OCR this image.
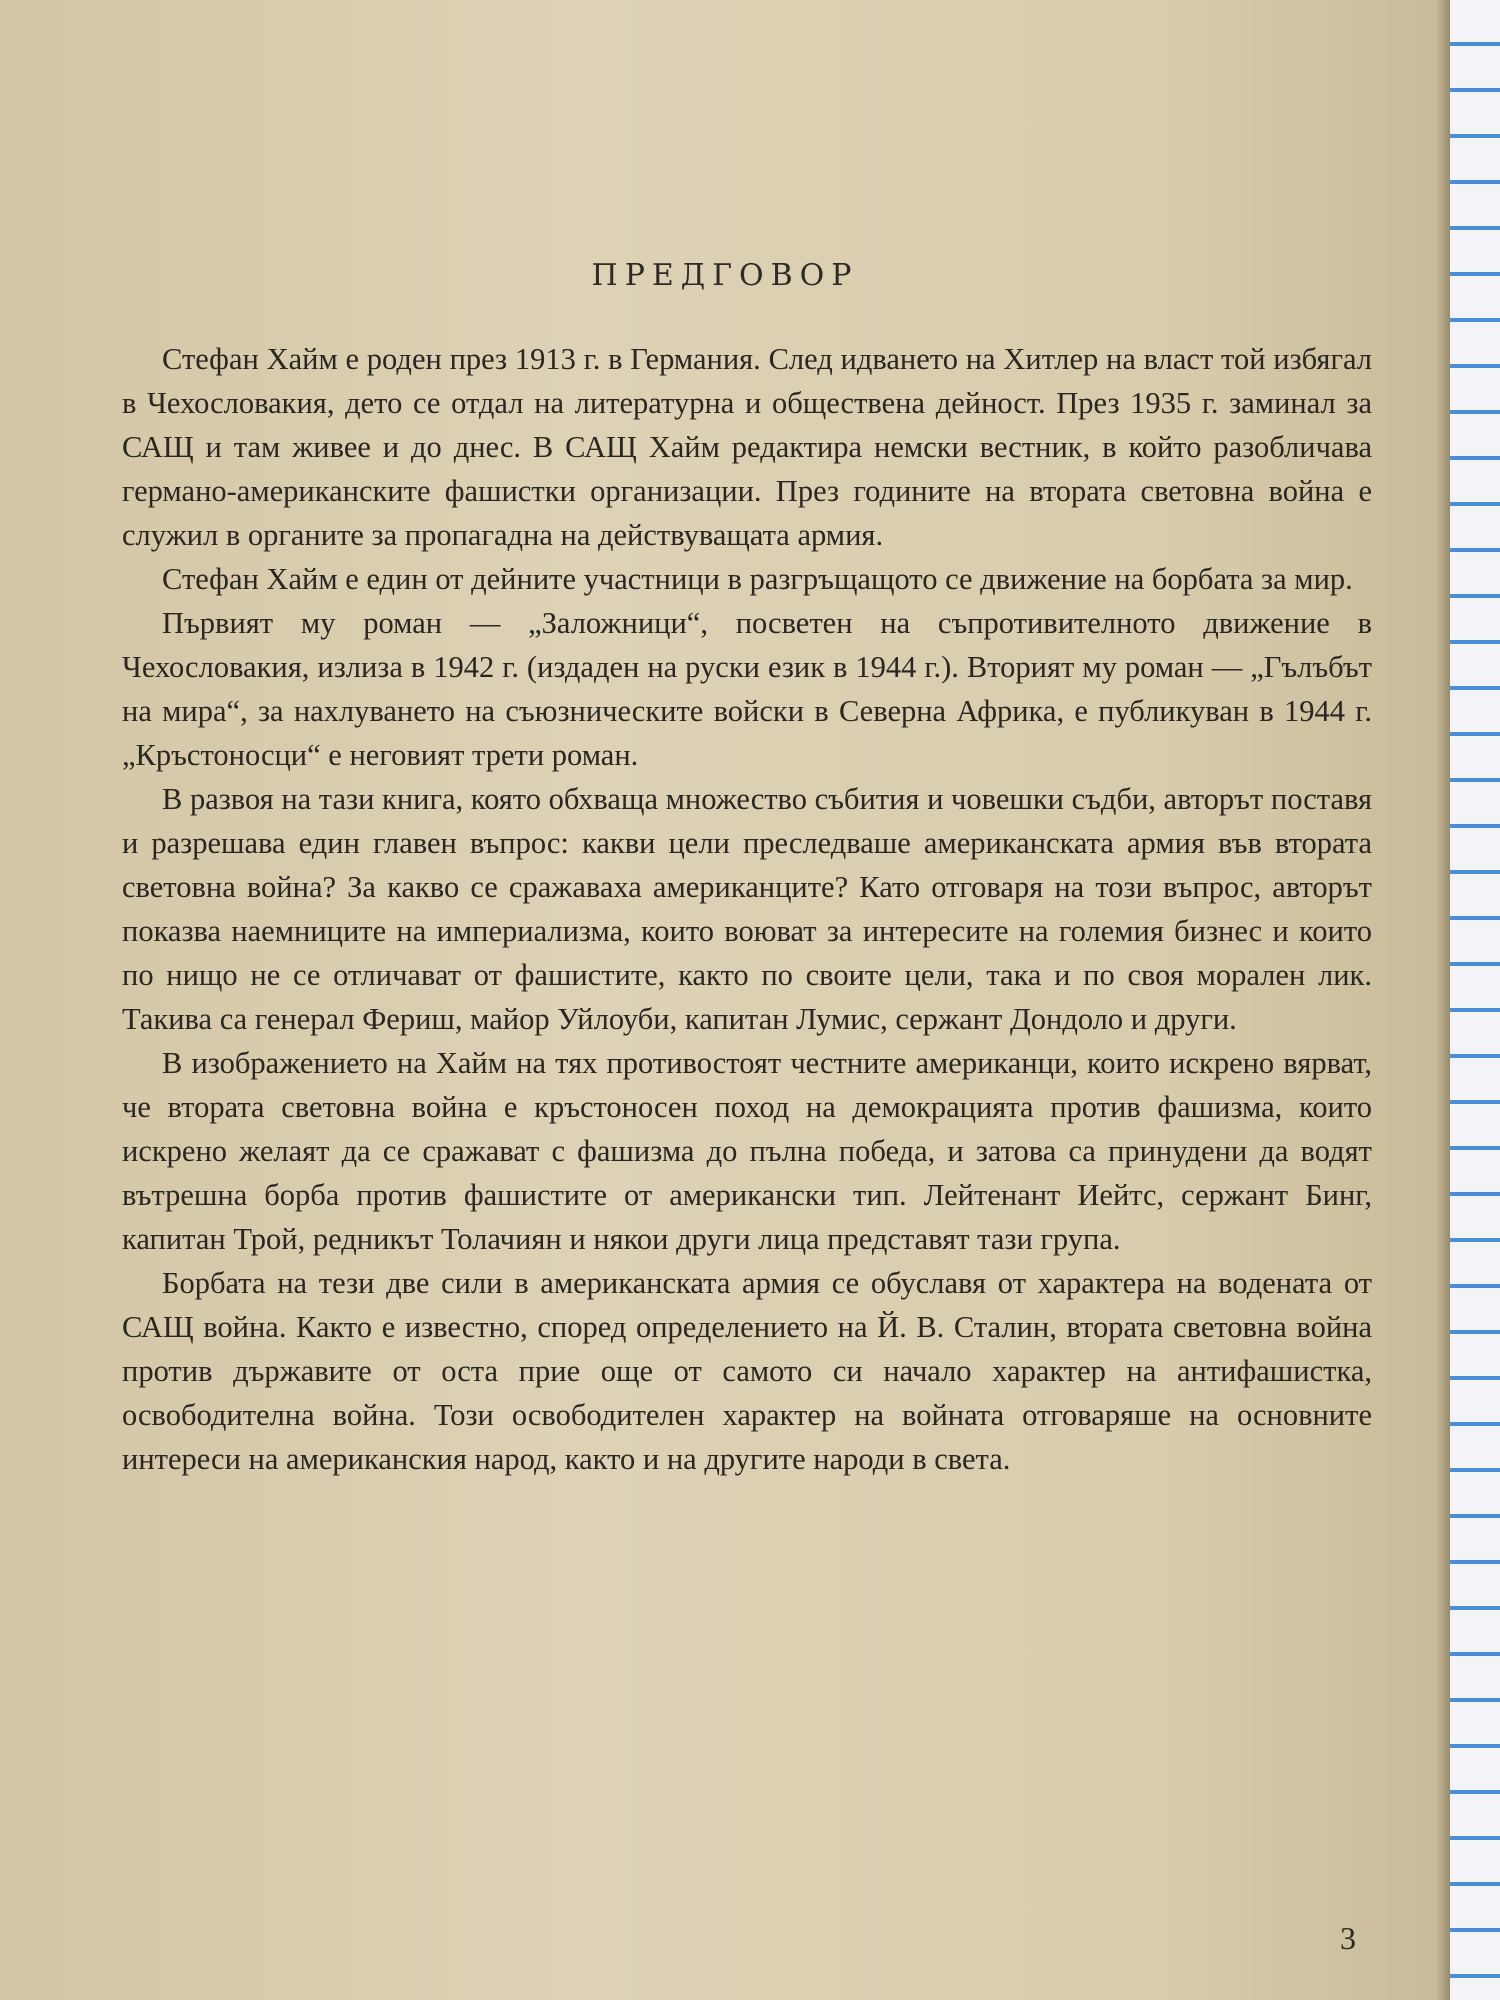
ПРЕДГОВОР

Стефан Хайм е роден през 1913 г. в Германия. След идването на Хитлер на власт той избягал в Чехословакия, дето се отдал на литературна и обществена дейност. През 1935 г. заминал за САЩ и там живее и до днес. В САЩ Хайм редактира немски вестник, в който разобличава германо-американските фашистки организации. През годините на втората световна война е служил в органите за пропагадна на действуващата армия.

Стефан Хайм е един от дейните участници в разгръщащото се движение на борбата за мир.

Първият му роман — „Заложници“, посветен на съпротивителното движение в Чехословакия, излиза в 1942 г. (издаден на руски език в 1944 г.). Вторият му роман — „Гълъбът на мира“, за нахлуването на съюзническите войски в Северна Африка, е публикуван в 1944 г. „Кръстоносци“ е неговият трети роман.

В развоя на тази книга, която обхваща множество събития и човешки съдби, авторът поставя и разрешава един главен въпрос: какви цели преследваше американската армия във втората световна война? За какво се сражаваха американците? Като отговаря на този въпрос, авторът показва наемниците на империализма, които воюват за интересите на големия бизнес и които по нищо не се отличават от фашистите, както по своите цели, така и по своя морален лик. Такива са генерал Фериш, майор Уйлоуби, капитан Лумис, сержант Дондоло и други.

В изображението на Хайм на тях противостоят честните американци, които искрено вярват, че втората световна война е кръстоносен поход на демокрацията против фашизма, които искрено желаят да се сражават с фашизма до пълна победа, и затова са принудени да водят вътрешна борба против фашистите от американски тип. Лейтенант Иейтс, сержант Бинг, капитан Трой, редникът Толачиян и някои други лица представят тази група.

Борбата на тези две сили в американската армия се обуславя от характера на водената от САЩ война. Както е известно, според определението на Й. В. Сталин, втората световна война против държавите от оста прие още от самото си начало характер на антифашистка, освободителна война. Този освободителен характер на войната отговаряше на основните интереси на американския народ, както и на другите народи в света.

3
